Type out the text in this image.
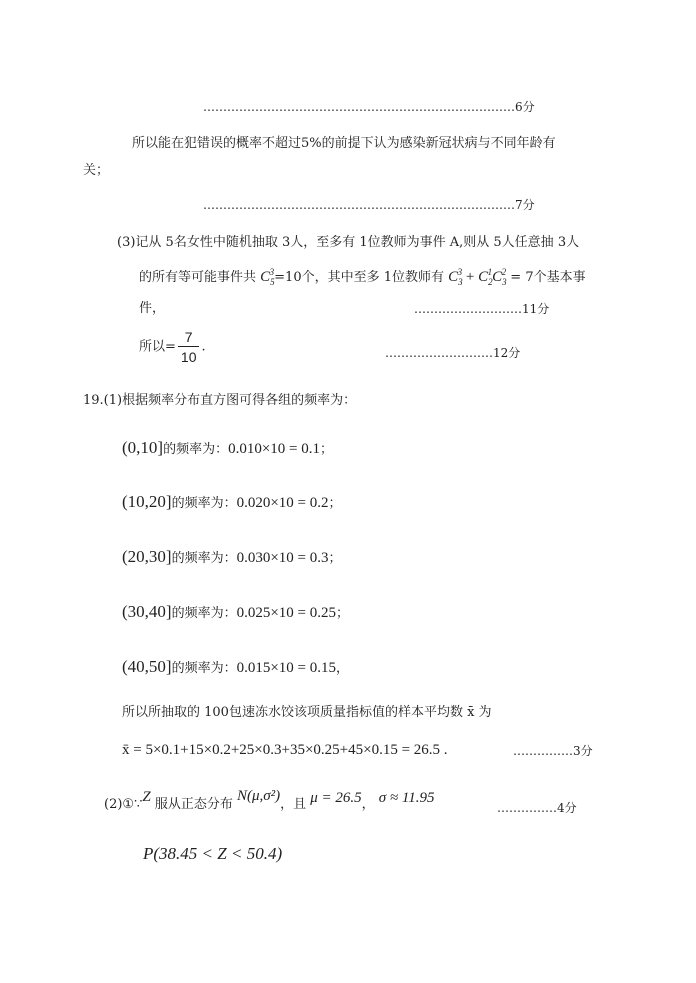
……………………………………………………………………6分
所以能在犯错误的概率不超过5%的前提下认为感染新冠状病与不同年龄有
关；
……………………………………………………………………7分
(3)记从 5名女性中随机抽取 3人，至多有 1位教师为事件 A,则从 5人任意抽 3人
的所有等可能事件共 $C_5^3=10$个，其中至多 1位教师有 $C_3^3 + C_2^1C_3^2 = 7$个基本事
件，	………………………11分
所以= $\frac{7}{10}$ .	………………………12分
19.(1)根据频率分布直方图可得各组的频率为：
(0,10]的频率为：0.010×10 = 0.1；
(10,20]的频率为：0.020×10 = 0.2；
(20,30]的频率为：0.030×10 = 0.3；
(30,40]的频率为：0.025×10 = 0.25；
(40,50]的频率为：0.015×10 = 0.15，
所以所抽取的 100包速冻水饺该项质量指标值的样本平均数 x̄ 为
x̄ = 5×0.1+15×0.2+25×0.3+35×0.25+45×0.15 = 26.5 .	……………3分
(2)①∵Z 服从正态分布 N(μ,σ²)，且 μ = 26.5， σ ≈ 11.95
……………4分
P(38.45 < Z < 50.4)
